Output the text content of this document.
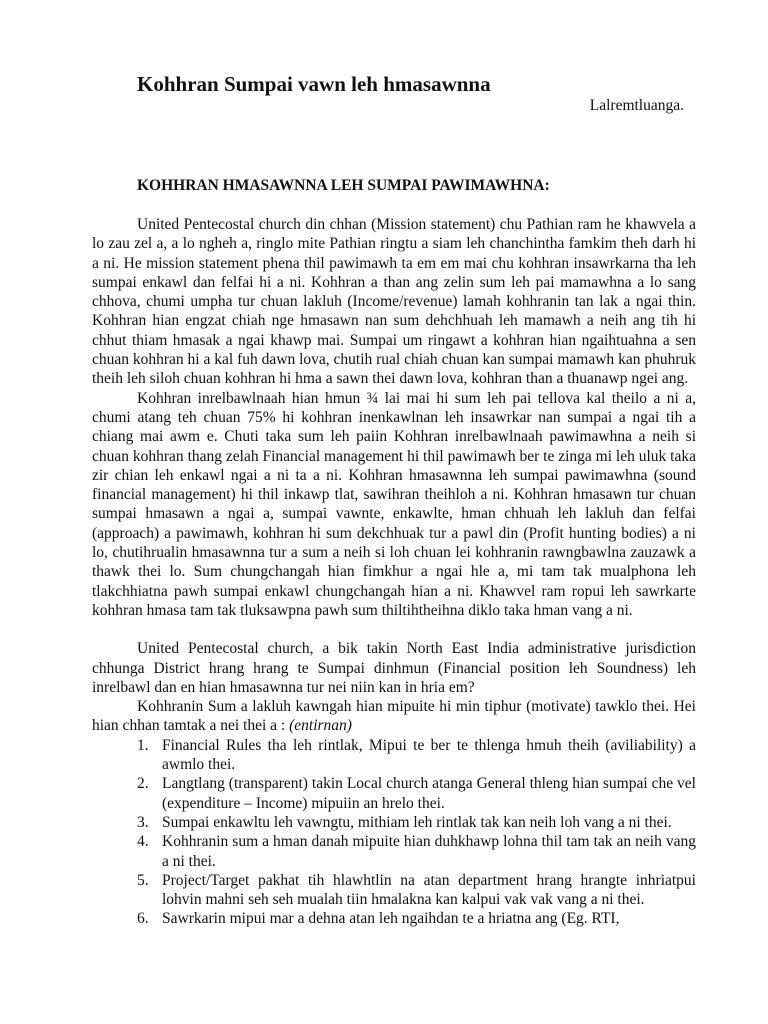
Kohhran Sumpai vawn leh hmasawnna

Lalremtluanga.

KOHHRAN HMASAWNNA LEH SUMPAI PAWIMAWHNA:

United Pentecostal church din chhan (Mission statement) chu Pathian ram he khawvela a lo zau zel a, a lo ngheh a, ringlo mite Pathian ringtu a siam leh chanchintha famkim theh darh hi a ni. He mission statement phena thil pawimawh ta em em mai chu kohhran insawrkarna tha leh sumpai enkawl dan felfai hi a ni. Kohhran a than ang zelin sum leh pai mamawhna a lo sang chhova, chumi umpha tur chuan lakluh (Income/revenue) lamah kohhranin tan lak a ngai thin. Kohhran hian engzat chiah nge hmasawn nan sum dehchhuah leh mamawh a neih ang tih hi chhut thiam hmasak a ngai khawp mai. Sumpai um ringawt a kohhran hian ngaihtuahna a sen chuan kohhran hi a kal fuh dawn lova, chutih rual chiah chuan kan sumpai mamawh kan phuhruk theih leh siloh chuan kohhran hi hma a sawn thei dawn lova, kohhran than a thuanawp ngei ang.

Kohhran inrelbawlnaah hian hmun ¾ lai mai hi sum leh pai tellova kal theilo a ni a, chumi atang teh chuan 75% hi kohhran inenkawlnan leh insawrkar nan sumpai a ngai tih a chiang mai awm e. Chuti taka sum leh paiin Kohhran inrelbawlnaah pawimawhna a neih si chuan kohhran thang zelah Financial management hi thil pawimawh ber te zinga mi leh uluk taka zir chian leh enkawl ngai a ni ta a ni. Kohhran hmasawnna leh sumpai pawimawhna (sound financial management) hi thil inkawp tlat, sawihran theihloh a ni. Kohhran hmasawn tur chuan sumpai hmasawn a ngai a, sumpai vawnte, enkawlte, hman chhuah leh lakluh dan felfai (approach) a pawimawh, kohhran hi sum dekchhuak tur a pawl din (Profit hunting bodies) a ni lo, chutihrualin hmasawnna tur a sum a neih si loh chuan lei kohhranin rawngbawlna zauzawk a thawk thei lo. Sum chungchangah hian fimkhur a ngai hle a, mi tam tak mualphona leh tlakchhiatna pawh sumpai enkawl chungchangah hian a ni. Khawvel ram ropui leh sawrkarte kohhran hmasa tam tak tluksawpna pawh sum thiltihtheihna diklo taka hman vang a ni.

United Pentecostal church, a bik takin North East India administrative jurisdiction chhunga District hrang hrang te Sumpai dinhmun (Financial position leh Soundness) leh inrelbawl dan en hian hmasawnna tur nei niin kan in hria em?

Kohhranin Sum a lakluh kawngah hian mipuite hi min tiphur (motivate) tawklo thei. Hei hian chhan tamtak a nei thei a : (entirnan)

1. Financial Rules tha leh rintlak, Mipui te ber te thlenga hmuh theih (aviliability) a awmlo thei.
2. Langtlang (transparent) takin Local church atanga General thleng hian sumpai che vel (expenditure – Income) mipuiin an hrelo thei.
3. Sumpai enkawltu leh vawngtu, mithiam leh rintlak tak kan neih loh vang a ni thei.
4. Kohhranin sum a hman danah mipuite hian duhkhawp lohna thil tam tak an neih vang a ni thei.
5. Project/Target pakhat tih hlawhtlin na atan department hrang hrangte inhriatpui lohvin mahni seh seh mualah tiin hmalakna kan kalpui vak vak vang a ni thei.
6. Sawrkarin mipui mar a dehna atan leh ngaihdan te a hriatna ang (Eg. RTI,
